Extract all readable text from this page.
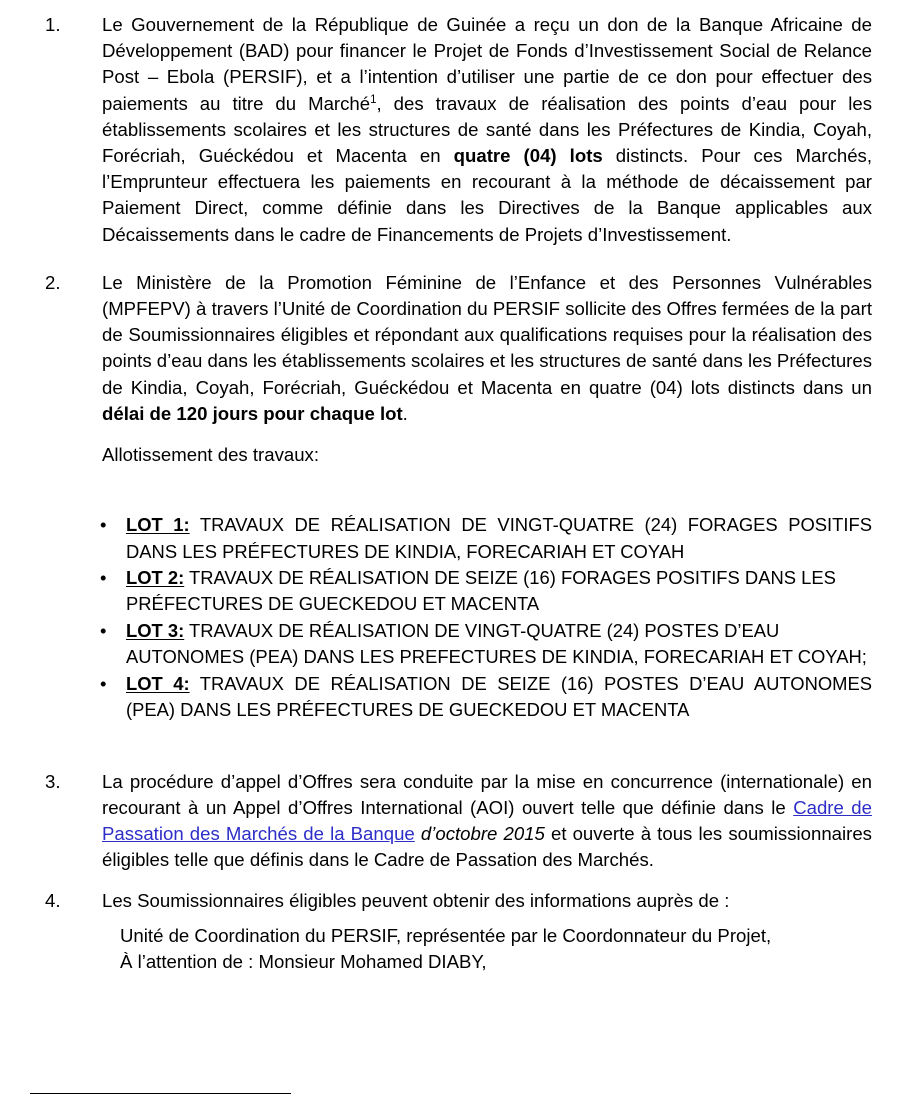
1.	Le Gouvernement de la République de Guinée a reçu un don de la Banque Africaine de Développement (BAD) pour financer le Projet de Fonds d’Investissement Social de Relance Post – Ebola (PERSIF), et a l’intention d’utiliser une partie de ce don pour effectuer des paiements au titre du Marché$^1$, des travaux de réalisation des points d’eau pour les établissements scolaires et les structures de santé dans les Préfectures de Kindia, Coyah, Forécriah, Guéckédou et Macenta en quatre (04) lots distincts. Pour ces Marchés, l’Emprunteur effectuera les paiements en recourant à la méthode de décaissement par Paiement Direct, comme définie dans les Directives de la Banque applicables aux Décaissements dans le cadre de Financements de Projets d’Investissement.
2.	Le Ministère de la Promotion Féminine de l’Enfance et des Personnes Vulnérables (MPFEPV) à travers l’Unité de Coordination du PERSIF sollicite des Offres fermées de la part de Soumissionnaires éligibles et répondant aux qualifications requises pour la réalisation des points d’eau dans les établissements scolaires et les structures de santé dans les Préfectures de Kindia, Coyah, Forécriah, Guéckédou et Macenta en quatre (04) lots distincts dans un délai de 120 jours pour chaque lot.
Allotissement des travaux:
• LOT 1: TRAVAUX DE RÉALISATION DE VINGT-QUATRE (24) FORAGES POSITIFS DANS LES PRÉFECTURES DE KINDIA, FORECARIAH ET COYAH
• LOT 2: TRAVAUX DE RÉALISATION DE SEIZE (16) FORAGES POSITIFS DANS LES PRÉFECTURES DE GUECKEDOU ET MACENTA
• LOT 3: TRAVAUX DE RÉALISATION DE VINGT-QUATRE (24) POSTES D’EAU AUTONOMES (PEA) DANS LES PREFECTURES DE KINDIA, FORECARIAH ET COYAH;
• LOT 4: TRAVAUX DE RÉALISATION DE SEIZE (16) POSTES D’EAU AUTONOMES (PEA) DANS LES PRÉFECTURES DE GUECKEDOU ET MACENTA
3.	La procédure d’appel d’Offres sera conduite par la mise en concurrence (internationale) en recourant à un Appel d’Offres International (AOI) ouvert telle que définie dans le Cadre de Passation des Marchés de la Banque d’octobre 2015 et ouverte à tous les soumissionnaires éligibles telle que définis dans le Cadre de Passation des Marchés.
4.	Les Soumissionnaires éligibles peuvent obtenir des informations auprès de :
Unité de Coordination du PERSIF, représentée par le Coordonnateur du Projet,
À l’attention de : Monsieur Mohamed DIABY,
